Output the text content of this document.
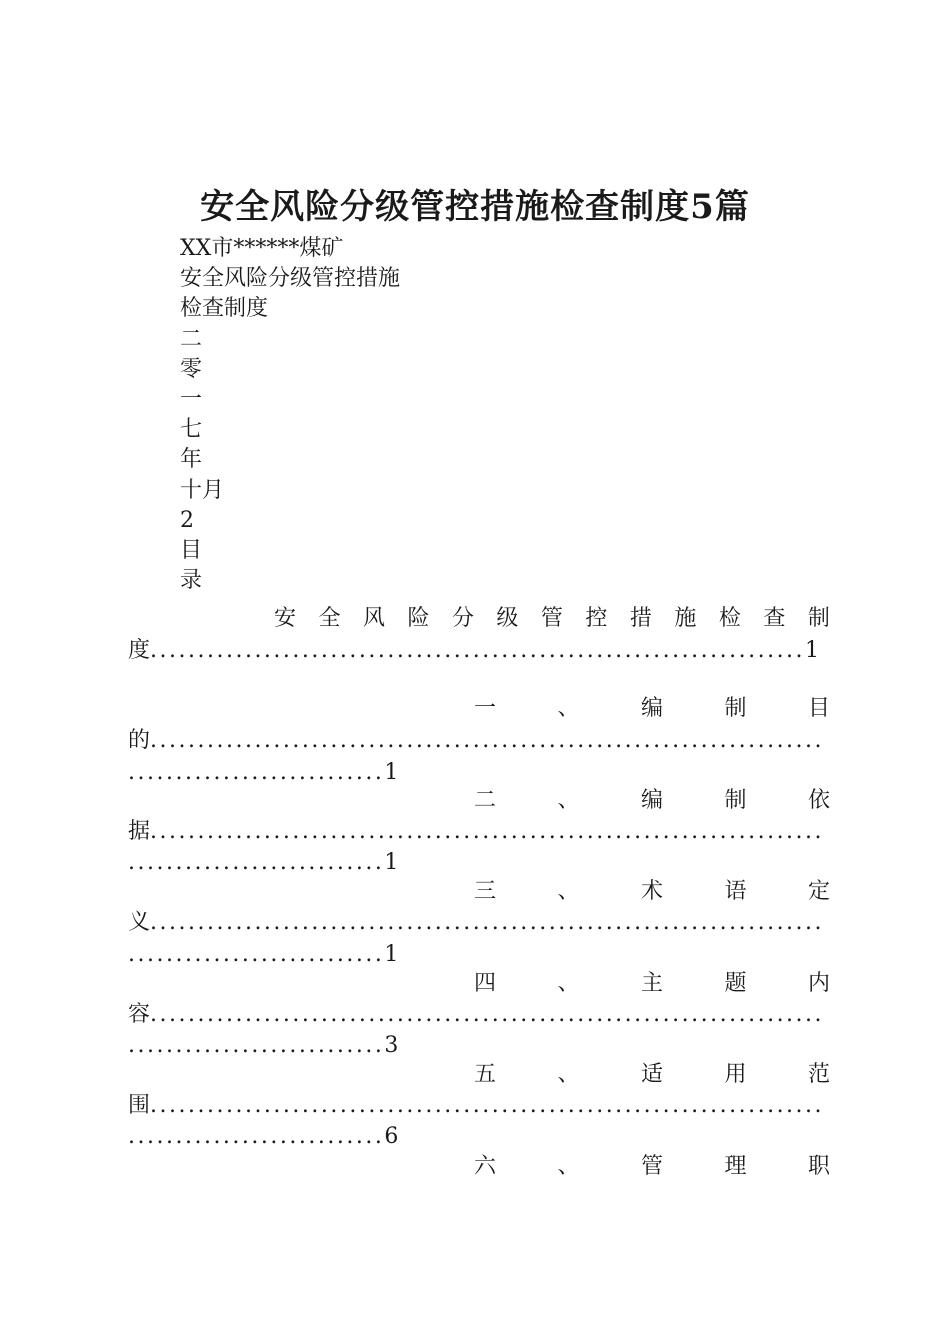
安全风险分级管控措施检查制度5篇
XX市******煤矿
安全风险分级管控措施
检查制度
二
零
一
七
年
十月
2
目
录
安 全 风 险 分 级 管 控 措 施 检 查 制
度.....................................................................1
一	、	编	制	目
的.......................................................................
...........................1
二	、	编	制	依
据.......................................................................
...........................1
三	、	术	语	定
义.......................................................................
...........................1
四	、	主	题	内
容.......................................................................
...........................3
五	、	适	用	范
围.......................................................................
...........................6
六	、	管	理	职
